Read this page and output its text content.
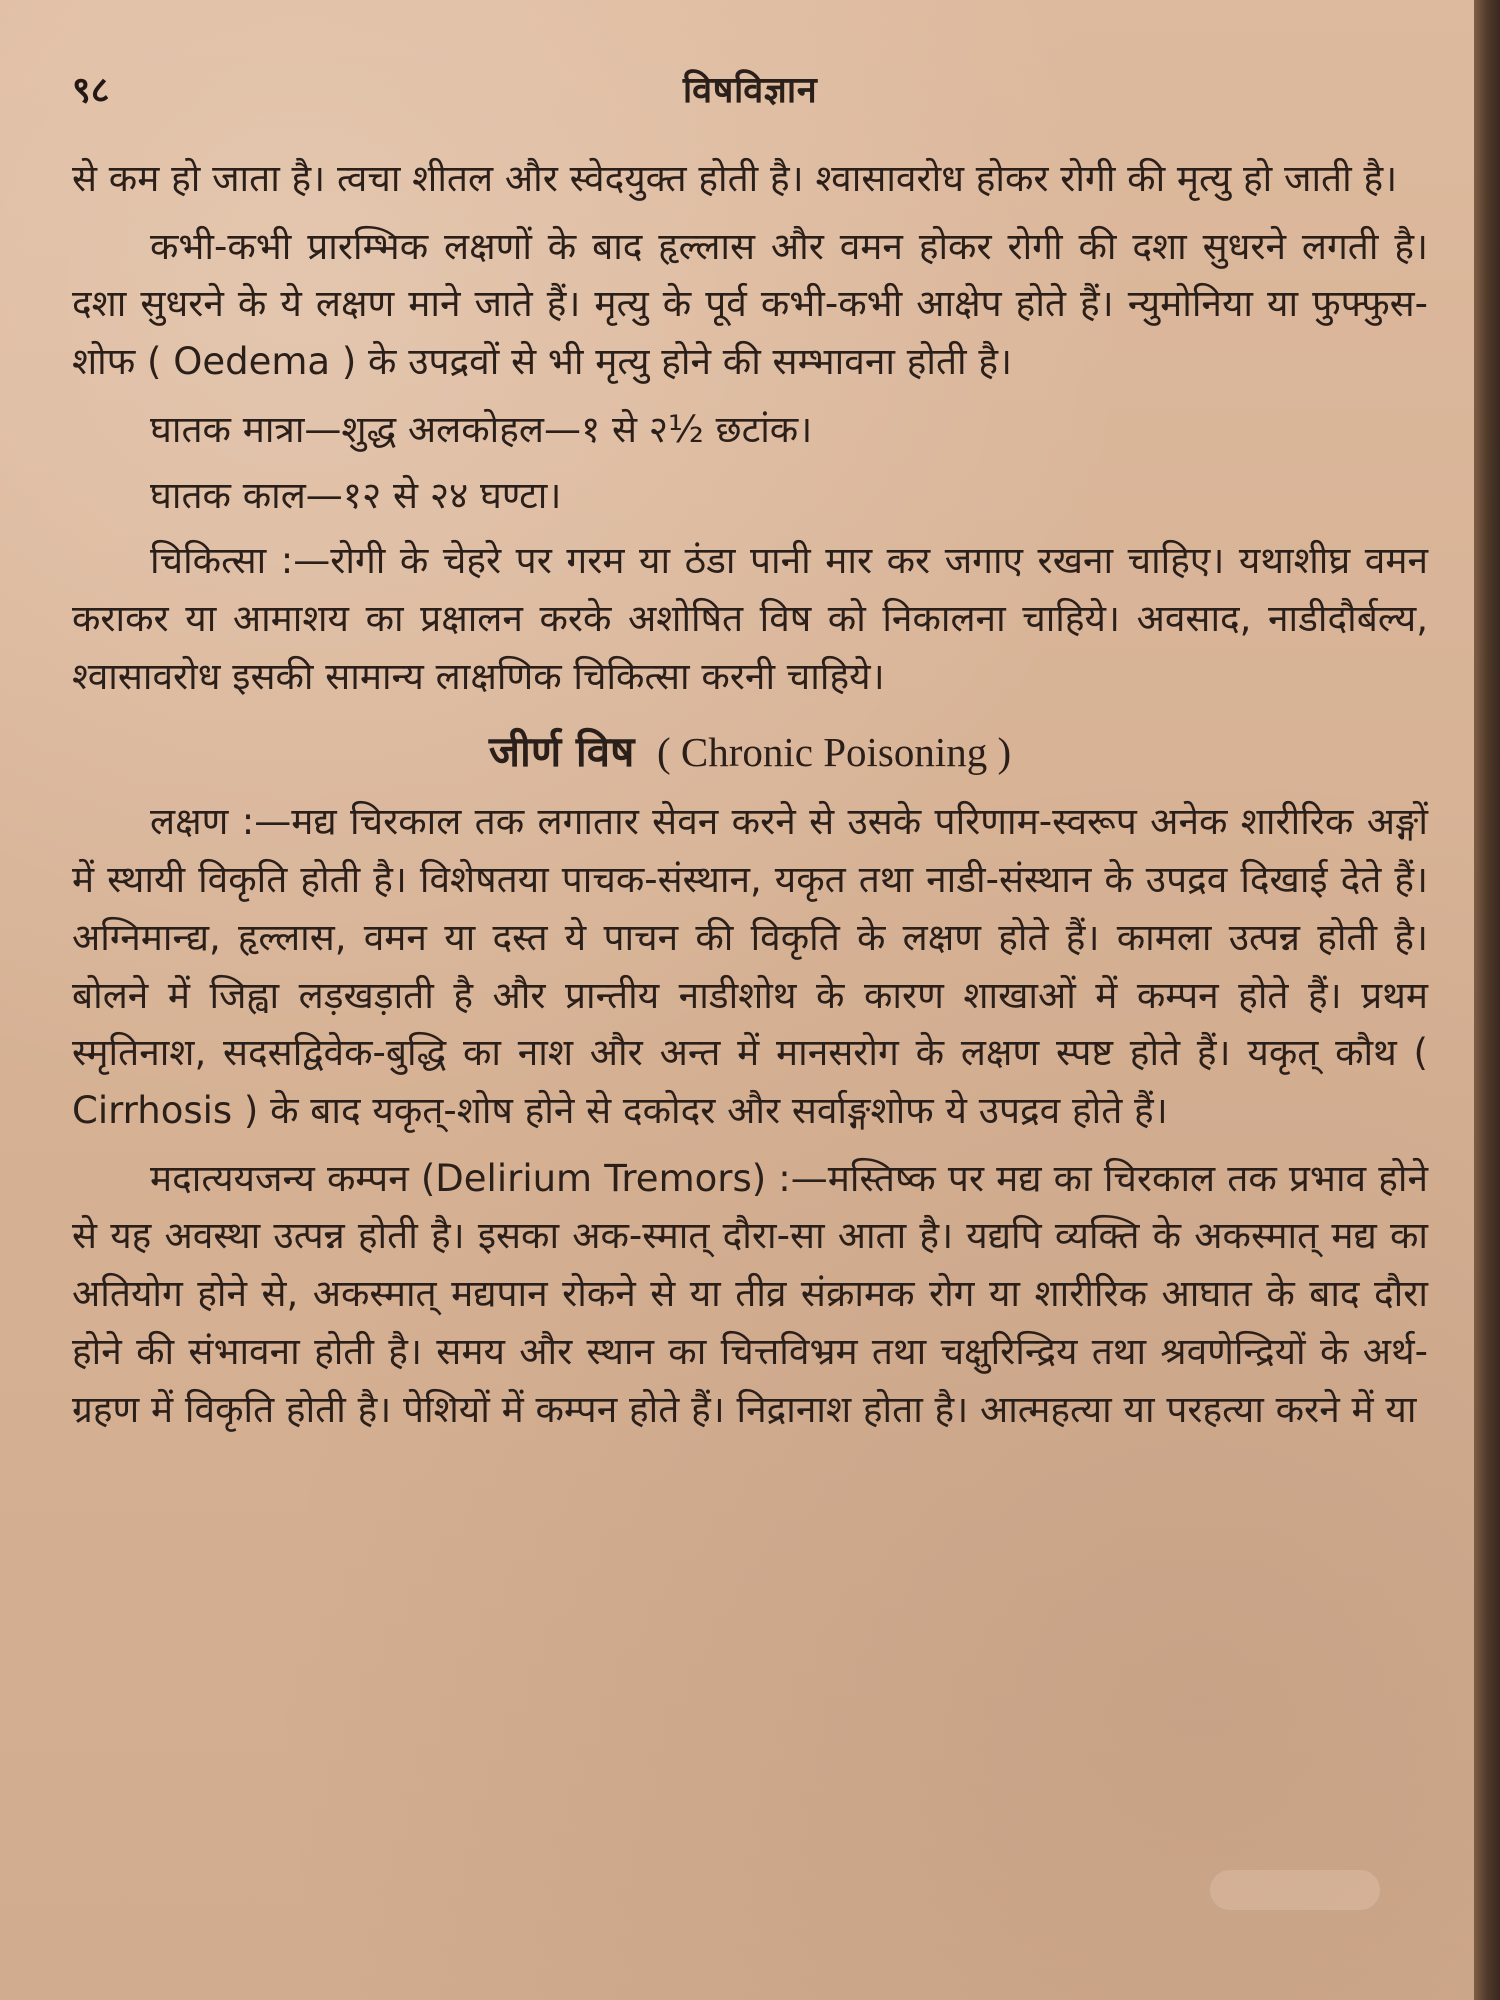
९८	विषविज्ञान

से कम हो जाता है। त्वचा शीतल और स्वेदयुक्त होती है। श्वासावरोध होकर रोगी की मृत्यु हो जाती है।

कभी-कभी प्रारम्भिक लक्षणों के बाद हृल्लास और वमन होकर रोगी की दशा सुधरने लगती है। दशा सुधरने के ये लक्षण माने जाते हैं। मृत्यु के पूर्व कभी-कभी आक्षेप होते हैं। न्युमोनिया या फुफ्फुस-शोफ ( Oedema ) के उपद्रवों से भी मृत्यु होने की सम्भावना होती है।

घातक मात्रा—शुद्ध अलकोहल—१ से २½ छटांक।

घातक काल—१२ से २४ घण्टा।

चिकित्सा :—रोगी के चेहरे पर गरम या ठंडा पानी मार कर जगाए रखना चाहिए। यथाशीघ्र वमन कराकर या आमाशय का प्रक्षालन करके अशोषित विष को निकालना चाहिये। अवसाद, नाडीदौर्बल्य, श्वासावरोध इसकी सामान्य लाक्षणिक चिकित्सा करनी चाहिये।

जीर्ण विष ( Chronic Poisoning )

लक्षण :—मद्य चिरकाल तक लगातार सेवन करने से उसके परिणाम-स्वरूप अनेक शारीरिक अङ्गों में स्थायी विकृति होती है। विशेषतया पाचक-संस्थान, यकृत तथा नाडी-संस्थान के उपद्रव दिखाई देते हैं। अग्निमान्द्य, हृल्लास, वमन या दस्त ये पाचन की विकृति के लक्षण होते हैं। कामला उत्पन्न होती है। बोलने में जिह्वा लड़खड़ाती है और प्रान्तीय नाडीशोथ के कारण शाखाओं में कम्पन होते हैं। प्रथम स्मृतिनाश, सदसद्विवेक-बुद्धि का नाश और अन्त में मानसरोग के लक्षण स्पष्ट होते हैं। यकृत् कौथ ( Cirrhosis ) के बाद यकृत्-शोष होने से दकोदर और सर्वाङ्गशोफ ये उपद्रव होते हैं।

मदात्ययजन्य कम्पन (Delirium Tremors) :—मस्तिष्क पर मद्य का चिरकाल तक प्रभाव होने से यह अवस्था उत्पन्न होती है। इसका अक-स्मात् दौरा-सा आता है। यद्यपि व्यक्ति के अकस्मात् मद्य का अतियोग होने से, अकस्मात् मद्यपान रोकने से या तीव्र संक्रामक रोग या शारीरिक आघात के बाद दौरा होने की संभावना होती है। समय और स्थान का चित्तविभ्रम तथा चक्षुरिन्द्रिय तथा श्रवणेन्द्रियों के अर्थ-ग्रहण में विकृति होती है। पेशियों में कम्पन होते हैं। निद्रानाश होता है। आत्महत्या या परहत्या करने में या
